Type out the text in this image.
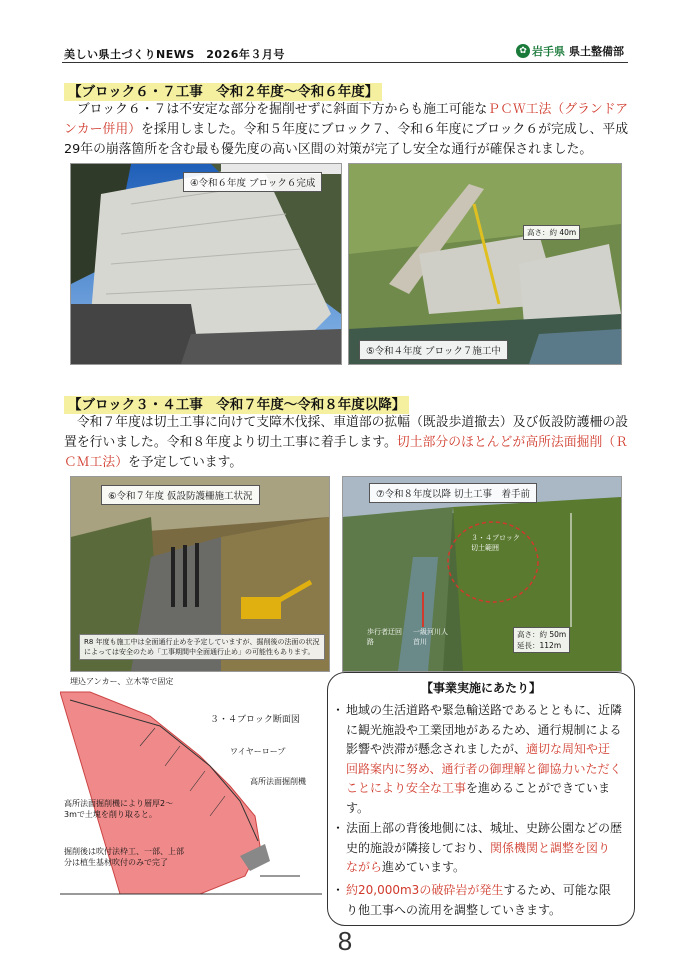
美しい県土づくりNEWS　2026年３月号	✿ 岩手県 県土整備部
【ブロック６・７工事　令和２年度〜令和６年度】
　ブロック６・７は不安定な部分を掘削せずに斜面下方からも施工可能なＰＣＷ工法（グランドアンカー併用）を採用しました。令和５年度にブロック７、令和６年度にブロック６が完成し、平成29年の崩落箇所を含む最も優先度の高い区間の対策が完了し安全な通行が確保されました。
④令和６年度 ブロック６完成
高さ：約 40m
⑤令和４年度 ブロック７施工中
【ブロック３・４工事　令和７年度〜令和８年度以降】
　令和７年度は切土工事に向けて支障木伐採、車道部の拡幅（既設歩道撤去）及び仮設防護柵の設置を行いました。令和８年度より切土工事に着手します。切土部分のほとんどが高所法面掘削（ＲＣＭ工法）を予定しています。
⑥令和７年度 仮設防護柵施工状況
R8 年度も施工中は全面通行止めを予定していますが、掘削後の法面の状況によっては安全のため「工事期間中全面通行止め」の可能性もあります。
⑦令和８年度以降 切土工事　着手前
３・４ブロック切土範囲
歩行者迂回路
一級河川人首川
高さ：約 50m
延長：112m
埋込アンカー、立木等で固定
３・４ブロック断面図
ワイヤーロープ
高所法面掘削機
高所法面掘削機により層厚2〜3mで土塊を削り取ると。
掘削後は吹付法枠工、一部、上部分は植生基材吹付のみで完了
【事業実施にあたり】
・ 地域の生活道路や緊急輸送路であるとともに、近隣に観光施設や工業団地があるため、通行規制による影響や渋滞が懸念されましたが、適切な周知や迂回路案内に努め、通行者の御理解と御協力いただくことにより安全な工事を進めることができています。
・ 法面上部の背後地側には、城址、史跡公園などの歴史的施設が隣接しており、関係機関と調整を図りながら進めています。
・ 約20,000m3の破砕岩が発生するため、可能な限り他工事への流用を調整していきます。
8
